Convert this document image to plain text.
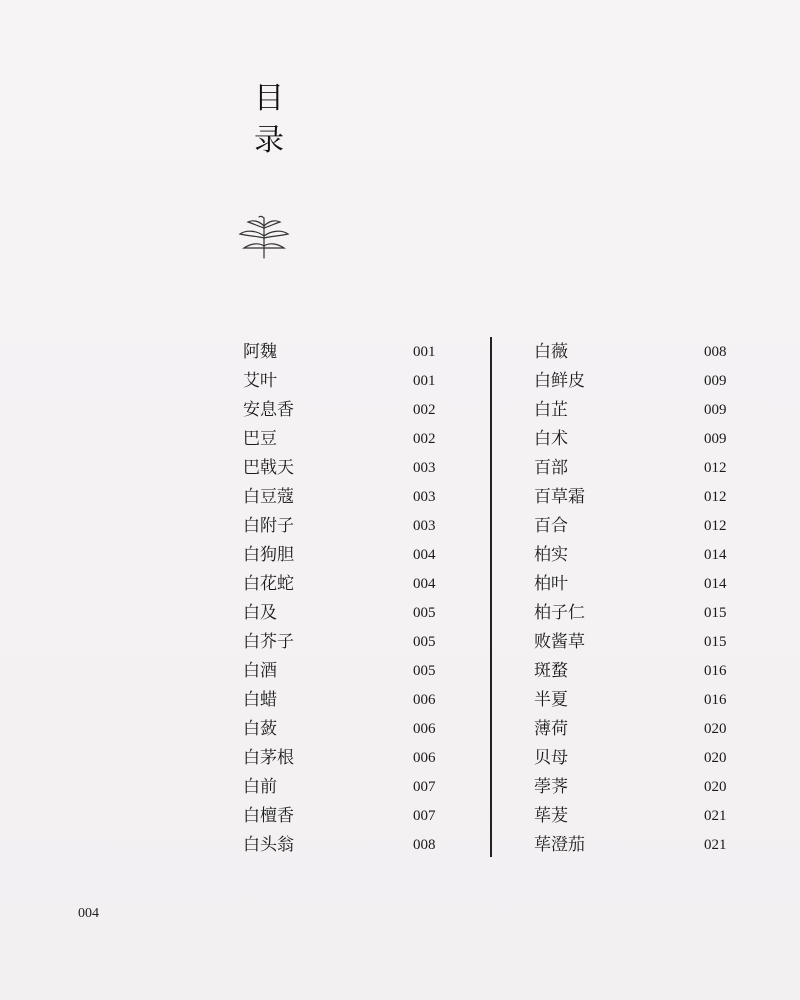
目
录
阿魏	001
艾叶	001
安息香	002
巴豆	002
巴戟天	003
白豆蔻	003
白附子	003
白狗胆	004
白花蛇	004
白及	005
白芥子	005
白酒	005
白蜡	006
白蔹	006
白茅根	006
白前	007
白檀香	007
白头翁	008
白薇	008
白鲜皮	009
白芷	009
白术	009
百部	012
百草霜	012
百合	012
柏实	014
柏叶	014
柏子仁	015
败酱草	015
斑蝥	016
半夏	016
薄荷	020
贝母	020
荸荠	020
荜茇	021
荜澄茄	021
004
